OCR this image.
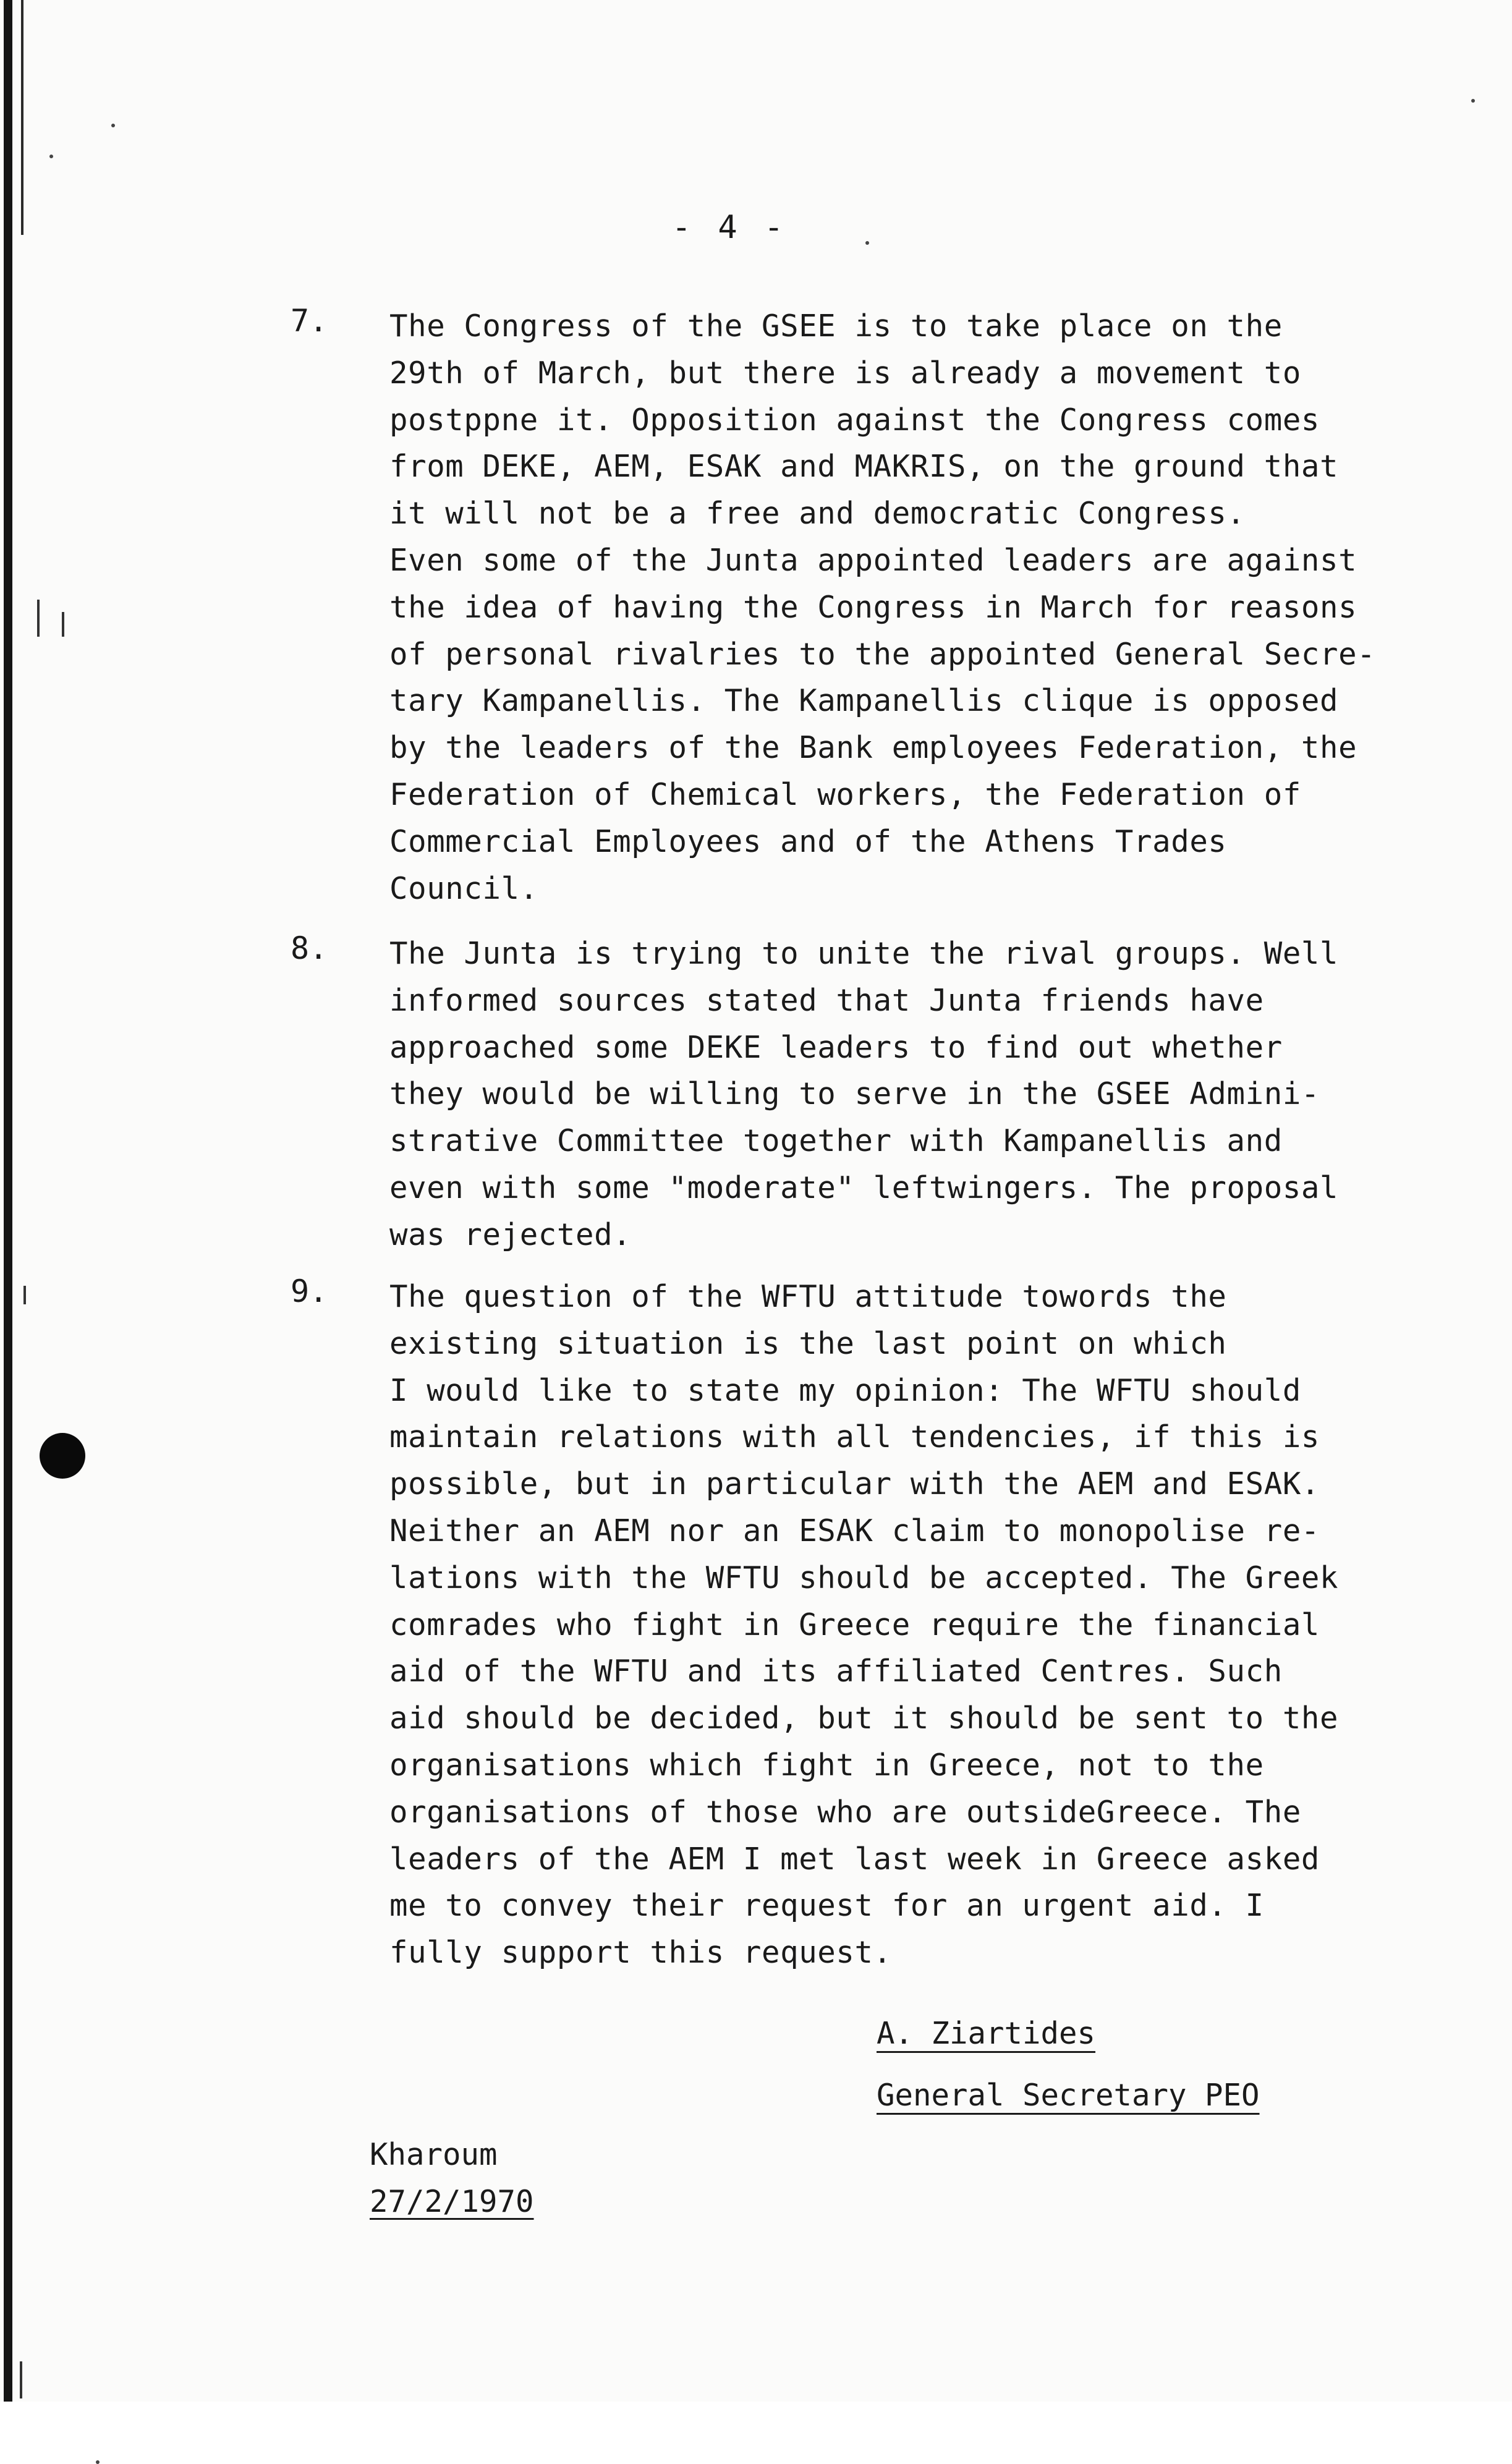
- 4 -
7. The Congress of the GSEE is to take place on the
29th of March, but there is already a movement to
postppne it. Opposition against the Congress comes
from DEKE, AEM, ESAK and MAKRIS, on the ground that
it will not be a free and democratic Congress.
Even some of the Junta appointed leaders are against
the idea of having the Congress in March for reasons
of personal rivalries to the appointed General Secre-
tary Kampanellis. The Kampanellis clique is opposed
by the leaders of the Bank employees Federation, the
Federation of Chemical workers, the Federation of
Commercial Employees and of the Athens Trades
Council.
8. The Junta is trying to unite the rival groups. Well
informed sources stated that Junta friends have
approached some DEKE leaders to find out whether
they would be willing to serve in the GSEE Admini-
strative Committee together with Kampanellis and
even with some "moderate" leftwingers. The proposal
was rejected.
9. The question of the WFTU attitude towords the
existing situation is the last point on which
I would like to state my opinion: The WFTU should
maintain relations with all tendencies, if this is
possible, but in particular with the AEM and ESAK.
Neither an AEM nor an ESAK claim to monopolise re-
lations with the WFTU should be accepted. The Greek
comrades who fight in Greece require the financial
aid of the WFTU and its affiliated Centres. Such
aid should be decided, but it should be sent to the
organisations which fight in Greece, not to the
organisations of those who are outsideGreece. The
leaders of the AEM I met last week in Greece asked
me to convey their request for an urgent aid. I
fully support this request.
A. Ziartides
General Secretary PEO
Kharoum
27/2/1970
